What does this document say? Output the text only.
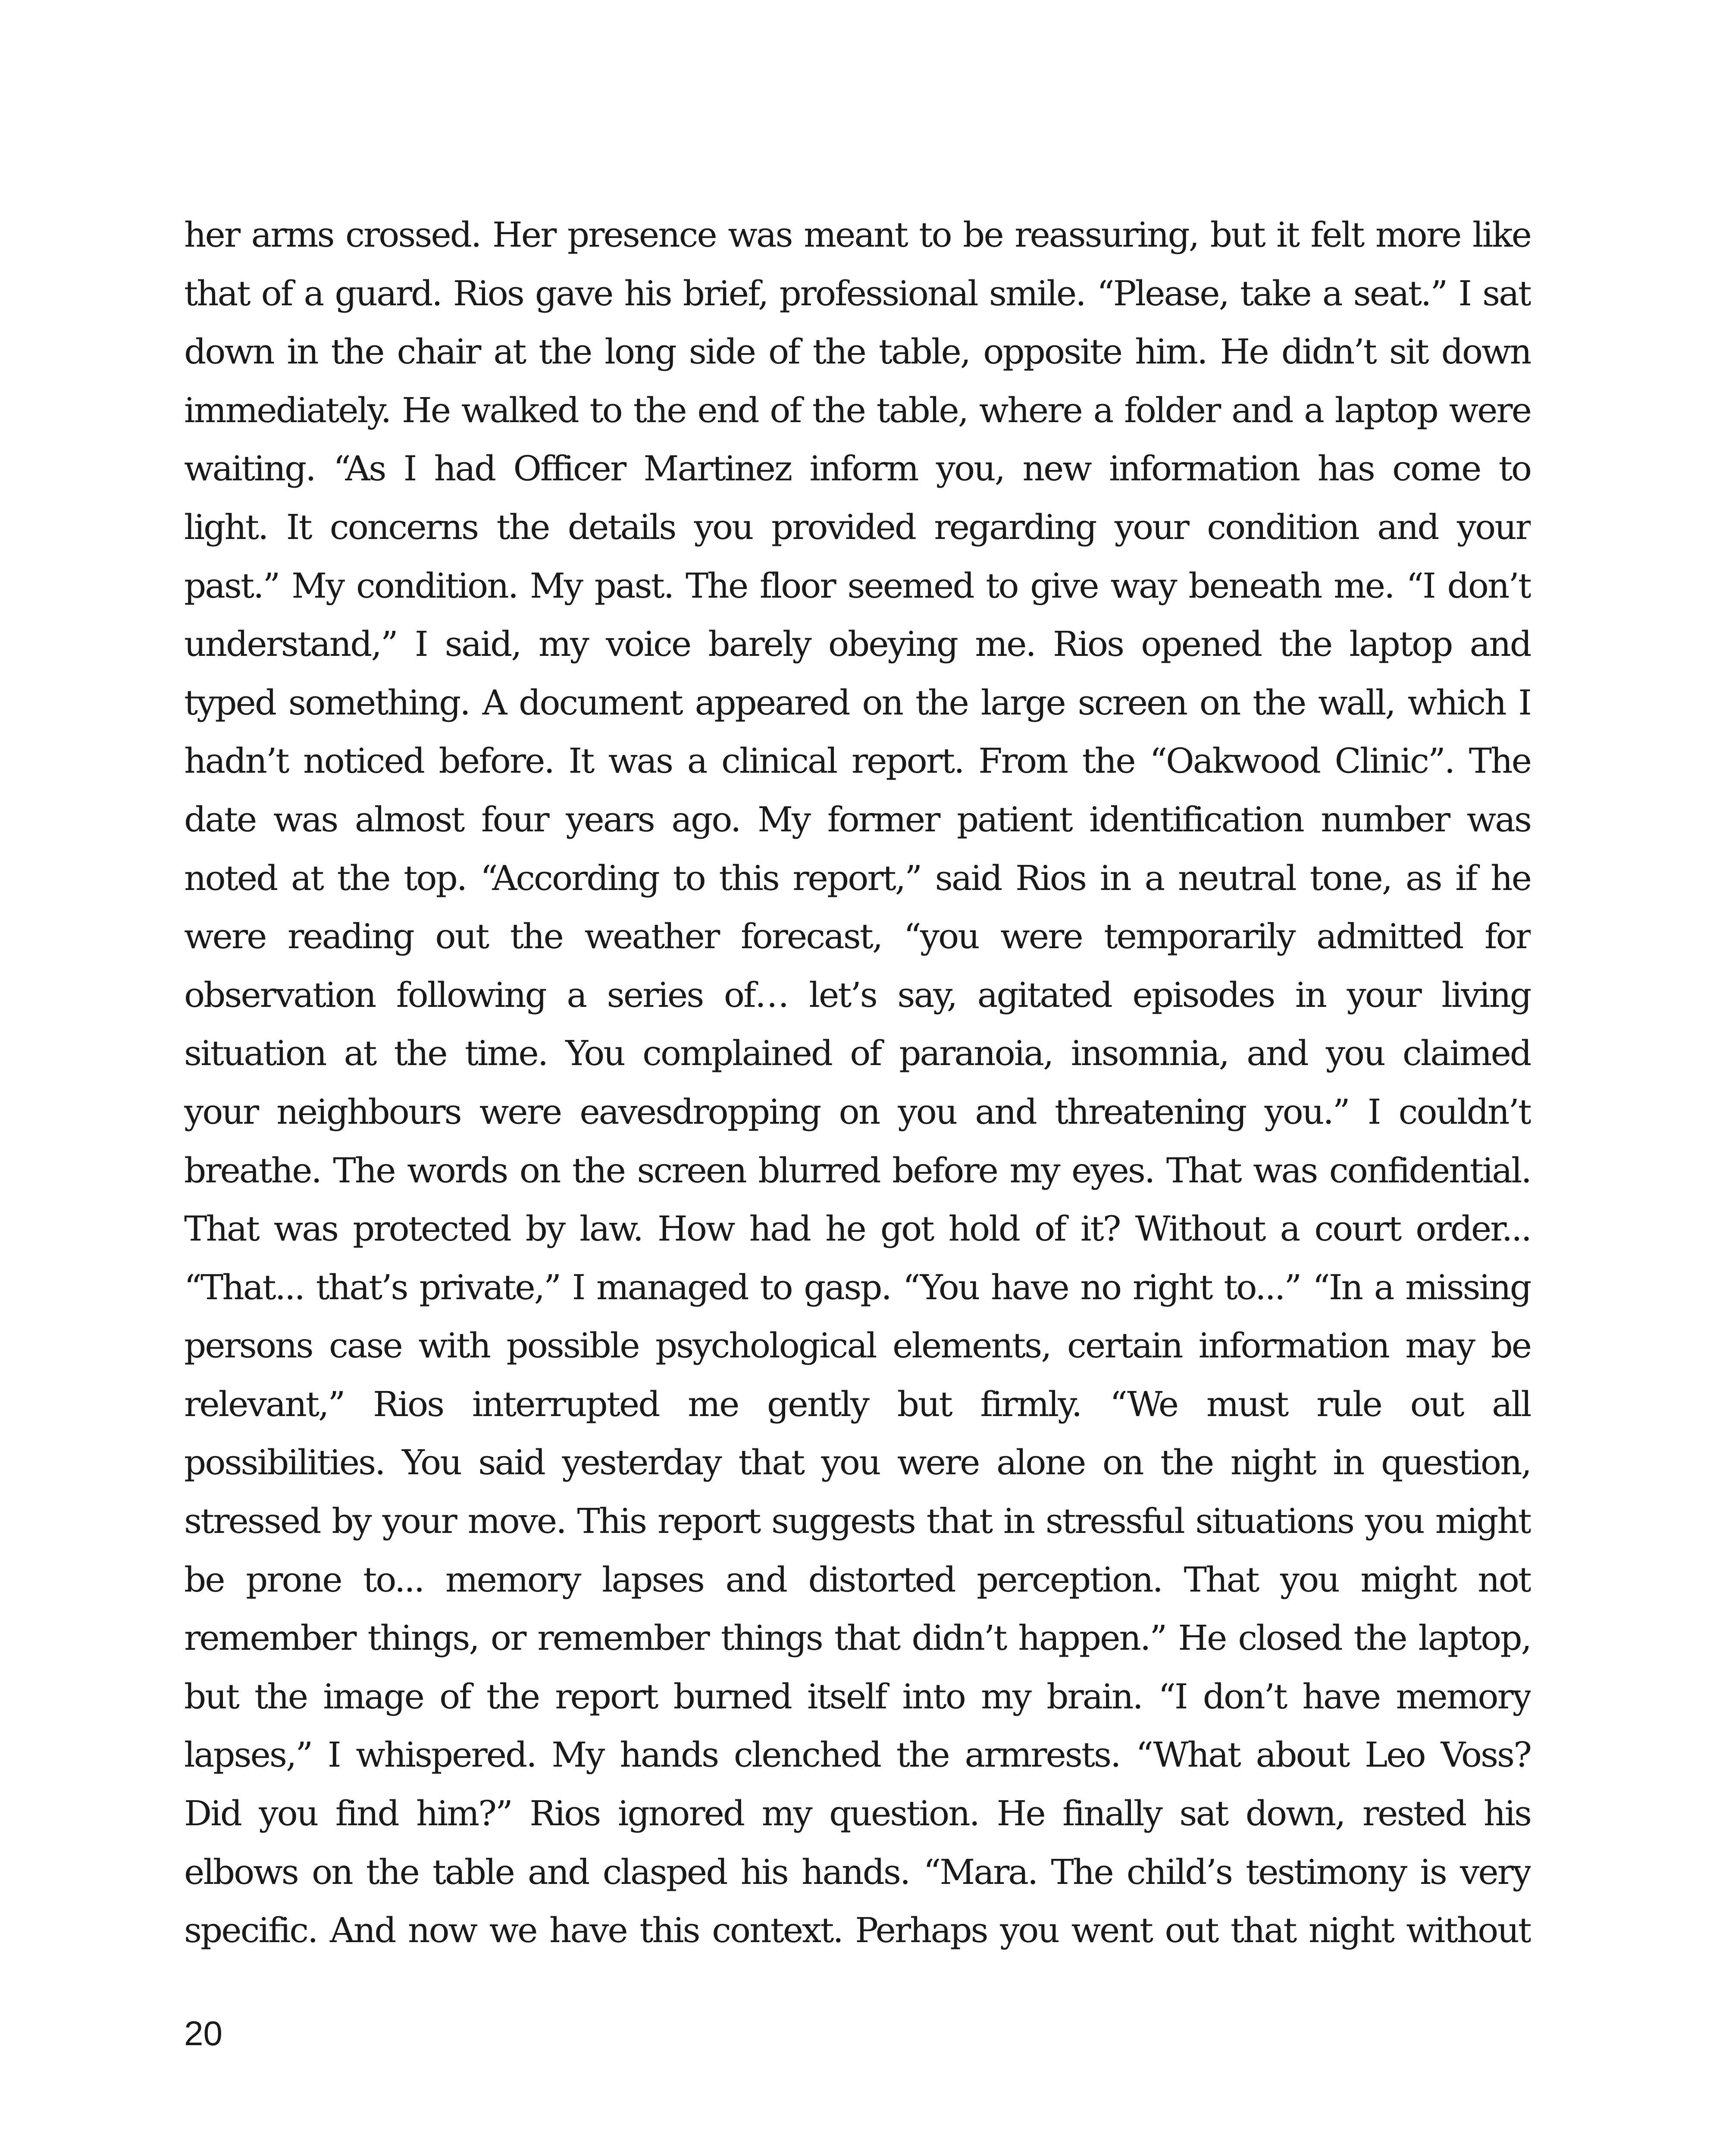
her arms crossed. Her presence was meant to be reassuring, but it felt more like
that of a guard. Rios gave his brief, professional smile. “Please, take a seat.” I sat
down in the chair at the long side of the table, opposite him. He didn’t sit down
immediately. He walked to the end of the table, where a folder and a laptop were
waiting. “As I had Officer Martinez inform you, new information has come to
light. It concerns the details you provided regarding your condition and your
past.” My condition. My past. The floor seemed to give way beneath me. “I don’t
understand,” I said, my voice barely obeying me. Rios opened the laptop and
typed something. A document appeared on the large screen on the wall, which I
hadn’t noticed before. It was a clinical report. From the “Oakwood Clinic”. The
date was almost four years ago. My former patient identification number was
noted at the top. “According to this report,” said Rios in a neutral tone, as if he
were reading out the weather forecast, “you were temporarily admitted for
observation following a series of… let’s say, agitated episodes in your living
situation at the time. You complained of paranoia, insomnia, and you claimed
your neighbours were eavesdropping on you and threatening you.” I couldn’t
breathe. The words on the screen blurred before my eyes. That was confidential.
That was protected by law. How had he got hold of it? Without a court order...
“That... that’s private,” I managed to gasp. “You have no right to...” “In a missing
persons case with possible psychological elements, certain information may be
relevant,” Rios interrupted me gently but firmly. “We must rule out all
possibilities. You said yesterday that you were alone on the night in question,
stressed by your move. This report suggests that in stressful situations you might
be prone to... memory lapses and distorted perception. That you might not
remember things, or remember things that didn’t happen.” He closed the laptop,
but the image of the report burned itself into my brain. “I don’t have memory
lapses,” I whispered. My hands clenched the armrests. “What about Leo Voss?
Did you find him?” Rios ignored my question. He finally sat down, rested his
elbows on the table and clasped his hands. “Mara. The child’s testimony is very
specific. And now we have this context. Perhaps you went out that night without
20
